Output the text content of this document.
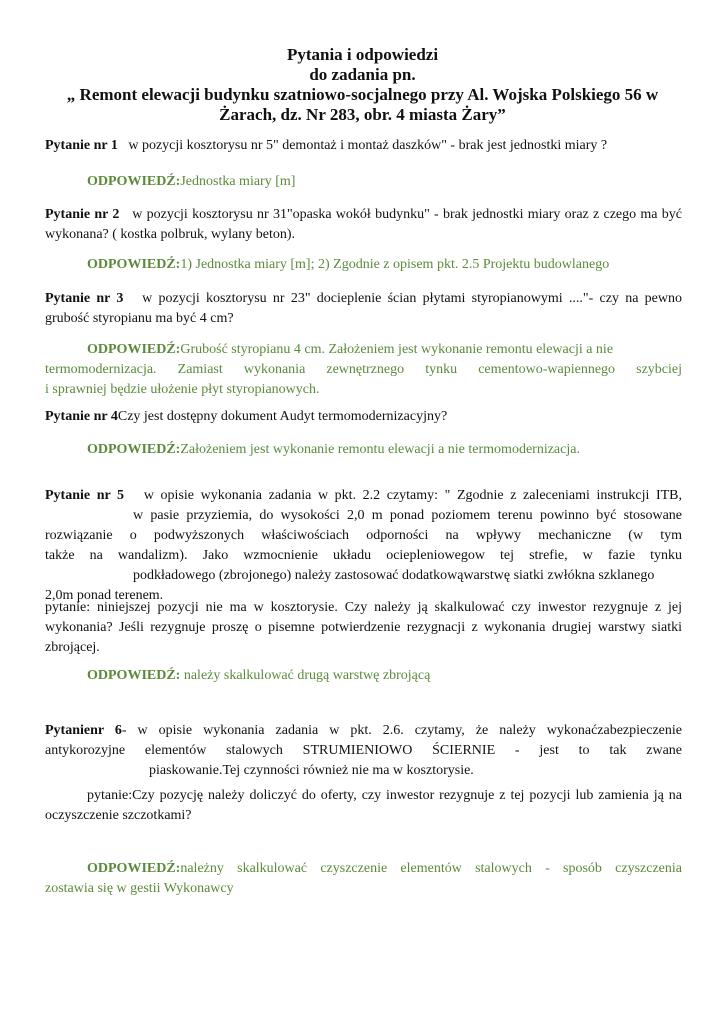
Pytania i odpowiedzi
do zadania pn.
„ Remont elewacji budynku szatniowo-socjalnego przy Al. Wojska Polskiego 56 w
Żarach, dz. Nr 283, obr. 4 miasta Żary”
Pytanie nr 1 w pozycji kosztorysu nr 5" demontaż i montaż daszków" - brak jest jednostki miary ?
ODPOWIEDŹ:Jednostka miary [m]
Pytanie nr 2 w pozycji kosztorysu nr 31"opaska wokół budynku" - brak jednostki miary oraz z czego ma być wykonana? ( kostka polbruk, wylany beton).
ODPOWIEDŹ:1) Jednostka miary [m]; 2) Zgodnie z opisem pkt. 2.5 Projektu budowlanego
Pytanie nr 3 w pozycji kosztorysu nr 23" docieplenie ścian płytami styropianowymi ...."- czy na pewno grubość styropianu ma być 4 cm?
ODPOWIEDŹ:Grubość styropianu 4 cm. Założeniem jest wykonanie remontu elewacji a nie
termomodernizacja. Zamiast wykonania zewnętrznego tynku cementowo-wapiennego szybciej
i sprawniej będzie ułożenie płyt styropianowych.
Pytanie nr 4Czy jest dostępny dokument Audyt termomodernizacyjny?
ODPOWIEDŹ:Założeniem jest wykonanie remontu elewacji a nie termomodernizacja.
Pytanie nr 5 w opisie wykonania zadania w pkt. 2.2 czytamy: " Zgodnie z zaleceniami instrukcji ITB,
w pasie przyziemia, do wysokości 2,0 m ponad poziomem terenu powinno być stosowane
rozwiązanie o podwyższonych właściwościach odporności na wpływy mechaniczne (w tym
także na wandalizm). Jako wzmocnienie układu ociepleniowegow tej strefie, w fazie tynku
podkładowego (zbrojonego) należy zastosować dodatkowąwarstwę siatki zwłókna szklanego
2,0m ponad terenem.
pytanie: niniejszej pozycji nie ma w kosztorysie. Czy należy ją skalkulować czy inwestor rezygnuje z jej wykonania? Jeśli rezygnuje proszę o pisemne potwierdzenie rezygnacji z wykonania drugiej warstwy siatki zbrojącej.
ODPOWIEDŹ: należy skalkulować drugą warstwę zbrojącą
Pytanienr 6- w opisie wykonania zadania w pkt. 2.6. czytamy, że należy wykonaćzabezpieczenie
antykorozyjne elementów stalowych STRUMIENIOWO ŚCIERNIE - jest to tak zwane
piaskowanie.Tej czynności również nie ma w kosztorysie.
pytanie:Czy pozycję należy doliczyć do oferty, czy inwestor rezygnuje z tej pozycji lub zamienia ją na oczyszczenie szczotkami?
ODPOWIEDŹ:należny skalkulować czyszczenie elementów stalowych - sposób czyszczenia
zostawia się w gestii Wykonawcy
